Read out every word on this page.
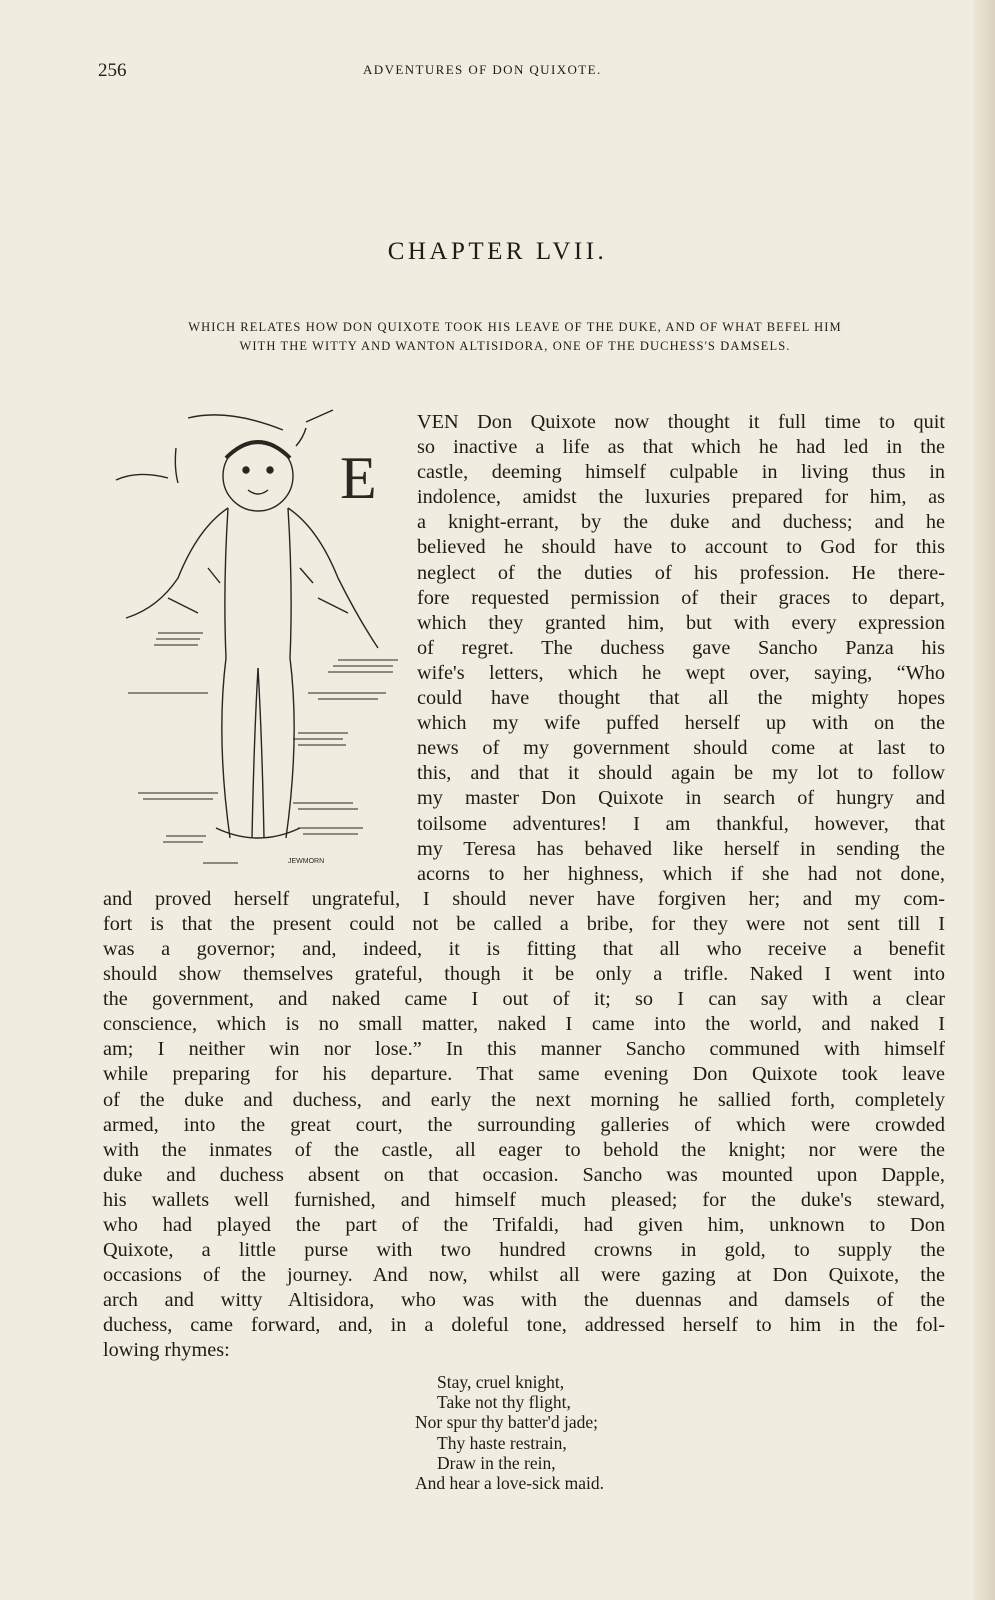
256	ADVENTURES OF DON QUIXOTE.
CHAPTER LVII.
WHICH RELATES HOW DON QUIXOTE TOOK HIS LEAVE OF THE DUKE, AND OF WHAT BEFEL HIM
WITH THE WITTY AND WANTON ALTISIDORA, ONE OF THE DUCHESS'S DAMSELS.
JEWMORN
E
VEN Don Quixote now thought it full time to quit
so inactive a life as that which he had led in the
castle, deeming himself culpable in living thus in
indolence, amidst the luxuries prepared for him, as
a knight-errant, by the duke and duchess; and he
believed he should have to account to God for this
neglect of the duties of his profession. He there-
fore requested permission of their graces to depart,
which they granted him, but with every expression
of regret. The duchess gave Sancho Panza his
wife's letters, which he wept over, saying, “Who
could have thought that all the mighty hopes
which my wife puffed herself up with on the
news of my government should come at last to
this, and that it should again be my lot to follow
my master Don Quixote in search of hungry and
toilsome adventures! I am thankful, however, that
my Teresa has behaved like herself in sending the
acorns to her highness, which if she had not done,
and proved herself ungrateful, I should never have forgiven her; and my com-
fort is that the present could not be called a bribe, for they were not sent till I
was a governor; and, indeed, it is fitting that all who receive a benefit
should show themselves grateful, though it be only a trifle. Naked I went into
the government, and naked came I out of it; so I can say with a clear
conscience, which is no small matter, naked I came into the world, and naked I
am; I neither win nor lose.” In this manner Sancho communed with himself
while preparing for his departure. That same evening Don Quixote took leave
of the duke and duchess, and early the next morning he sallied forth, completely
armed, into the great court, the surrounding galleries of which were crowded
with the inmates of the castle, all eager to behold the knight; nor were the
duke and duchess absent on that occasion. Sancho was mounted upon Dapple,
his wallets well furnished, and himself much pleased; for the duke's steward,
who had played the part of the Trifaldi, had given him, unknown to Don
Quixote, a little purse with two hundred crowns in gold, to supply the
occasions of the journey. And now, whilst all were gazing at Don Quixote, the
arch and witty Altisidora, who was with the duennas and damsels of the
duchess, came forward, and, in a doleful tone, addressed herself to him in the fol-
lowing rhymes:
Stay, cruel knight,
Take not thy flight,
Nor spur thy batter'd jade;
Thy haste restrain,
Draw in the rein,
And hear a love-sick maid.
